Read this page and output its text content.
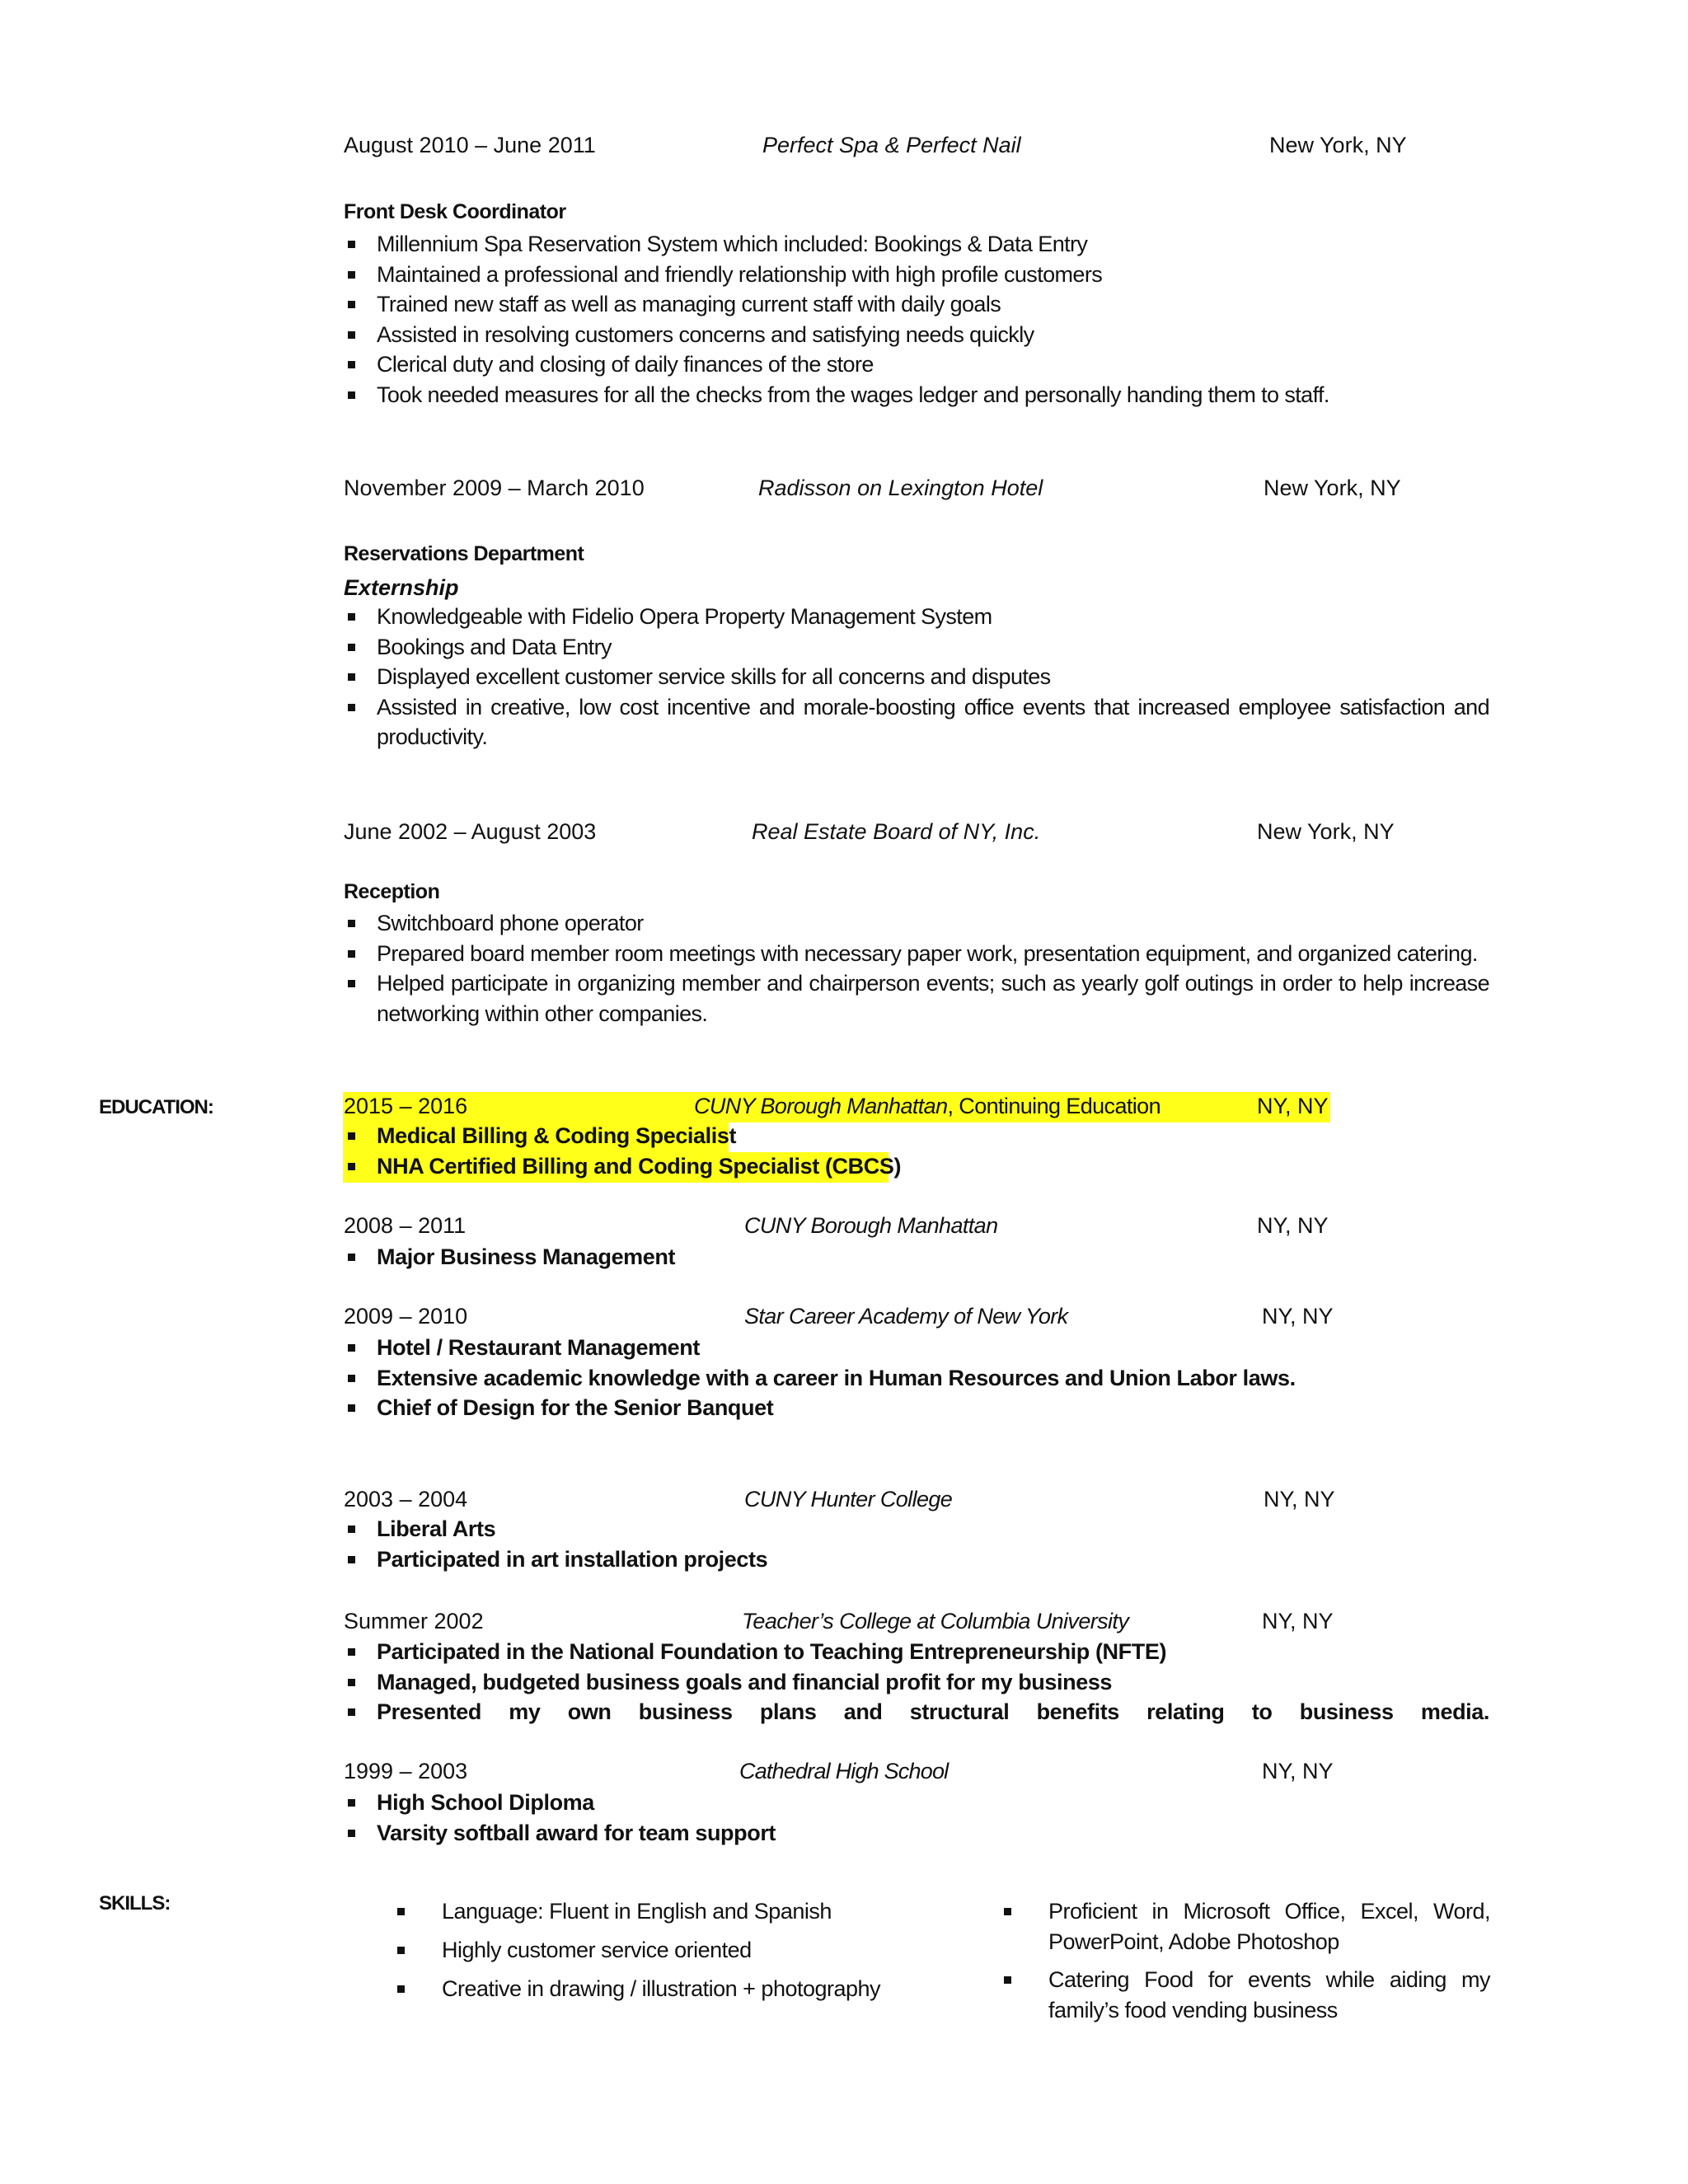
August 2010 – June 2011	Perfect Spa & Perfect Nail	New York, NY
Front Desk Coordinator
Millennium Spa Reservation System which included: Bookings & Data Entry
Maintained a professional and friendly relationship with high profile customers
Trained new staff as well as managing current staff with daily goals
Assisted in resolving customers concerns and satisfying needs quickly
Clerical duty and closing of daily finances of the store
Took needed measures for all the checks from the wages ledger and personally handing them to staff.
November 2009 – March 2010	Radisson on Lexington Hotel	New York, NY
Reservations Department
Externship
Knowledgeable with Fidelio Opera Property Management System
Bookings and Data Entry
Displayed excellent customer service skills for all concerns and disputes
Assisted in creative, low cost incentive and morale-boosting office events that increased employee satisfaction and productivity.
June 2002 – August 2003	Real Estate Board of NY, Inc.	New York, NY
Reception
Switchboard phone operator
Prepared board member room meetings with necessary paper work, presentation equipment, and organized catering.
Helped participate in organizing member and chairperson events; such as yearly golf outings in order to help increase networking within other companies.
EDUCATION:	2015 – 2016	CUNY Borough Manhattan, Continuing Education	NY, NY
Medical Billing & Coding Specialist
NHA Certified Billing and Coding Specialist (CBCS)
2008 – 2011	CUNY Borough Manhattan	NY, NY
Major Business Management
2009 – 2010	Star Career Academy of New York	NY, NY
Hotel / Restaurant Management
Extensive academic knowledge with a career in Human Resources and Union Labor laws.
Chief of Design for the Senior Banquet
2003 – 2004	CUNY Hunter College	NY, NY
Liberal Arts
Participated in art installation projects
Summer 2002	Teacher’s College at Columbia University	NY, NY
Participated in the National Foundation to Teaching Entrepreneurship (NFTE)
Managed, budgeted business goals and financial profit for my business
Presented my own business plans and structural benefits relating to business media.
1999 – 2003	Cathedral High School	NY, NY
High School Diploma
Varsity softball award for team support
SKILLS:	Language: Fluent in English and Spanish
Highly customer service oriented
Creative in drawing / illustration + photography
Proficient in Microsoft Office, Excel, Word, PowerPoint, Adobe Photoshop
Catering Food for events while aiding my family’s food vending business
